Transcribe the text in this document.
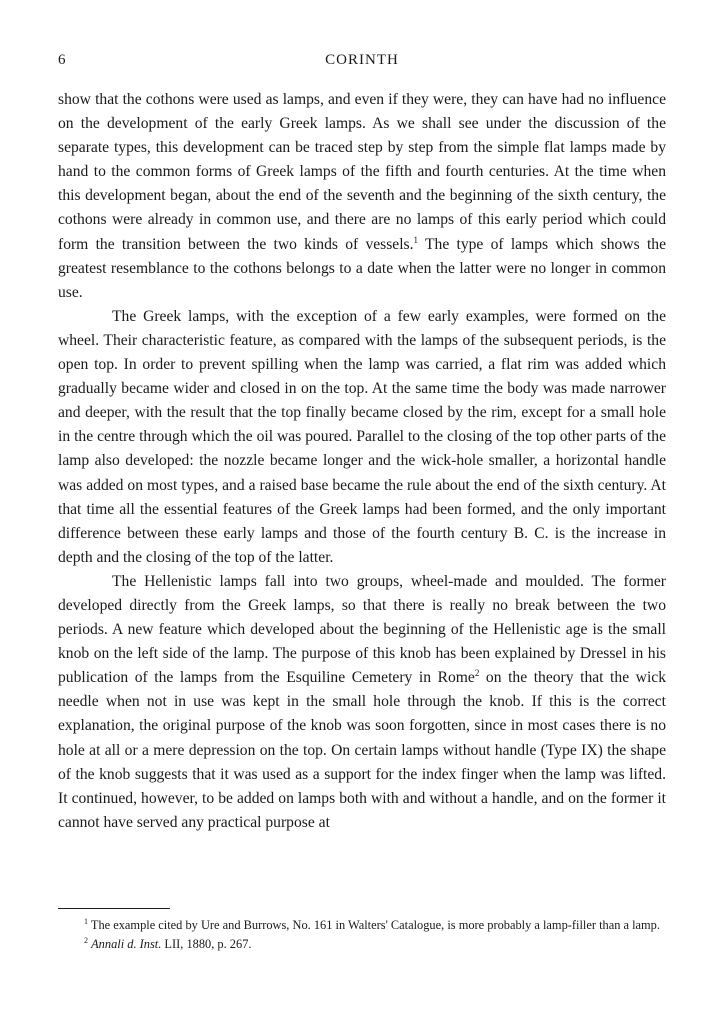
6	CORINTH

show that the cothons were used as lamps, and even if they were, they can have had no influence on the development of the early Greek lamps. As we shall see under the discussion of the separate types, this development can be traced step by step from the simple flat lamps made by hand to the common forms of Greek lamps of the fifth and fourth centuries. At the time when this development began, about the end of the seventh and the beginning of the sixth century, the cothons were already in common use, and there are no lamps of this early period which could form the transition between the two kinds of vessels.$^1$ The type of lamps which shows the greatest resemblance to the cothons belongs to a date when the latter were no longer in common use.

The Greek lamps, with the exception of a few early examples, were formed on the wheel. Their characteristic feature, as compared with the lamps of the subsequent periods, is the open top. In order to prevent spilling when the lamp was carried, a flat rim was added which gradually became wider and closed in on the top. At the same time the body was made narrower and deeper, with the result that the top finally became closed by the rim, except for a small hole in the centre through which the oil was poured. Parallel to the closing of the top other parts of the lamp also developed: the nozzle became longer and the wick-hole smaller, a horizontal handle was added on most types, and a raised base became the rule about the end of the sixth century. At that time all the essential features of the Greek lamps had been formed, and the only important difference between these early lamps and those of the fourth century B. C. is the increase in depth and the closing of the top of the latter.

The Hellenistic lamps fall into two groups, wheel-made and moulded. The former developed directly from the Greek lamps, so that there is really no break between the two periods. A new feature which developed about the beginning of the Hellenistic age is the small knob on the left side of the lamp. The purpose of this knob has been explained by Dressel in his publication of the lamps from the Esquiline Cemetery in Rome$^2$ on the theory that the wick needle when not in use was kept in the small hole through the knob. If this is the correct explanation, the original purpose of the knob was soon forgotten, since in most cases there is no hole at all or a mere depression on the top. On certain lamps without handle (Type IX) the shape of the knob suggests that it was used as a support for the index finger when the lamp was lifted. It continued, however, to be added on lamps both with and without a handle, and on the former it cannot have served any practical purpose at

$^1$ The example cited by Ure and Burrows, No. 161 in Walters' Catalogue, is more probably a lamp-filler than a lamp.

$^2$ Annali d. Inst. LII, 1880, p. 267.
